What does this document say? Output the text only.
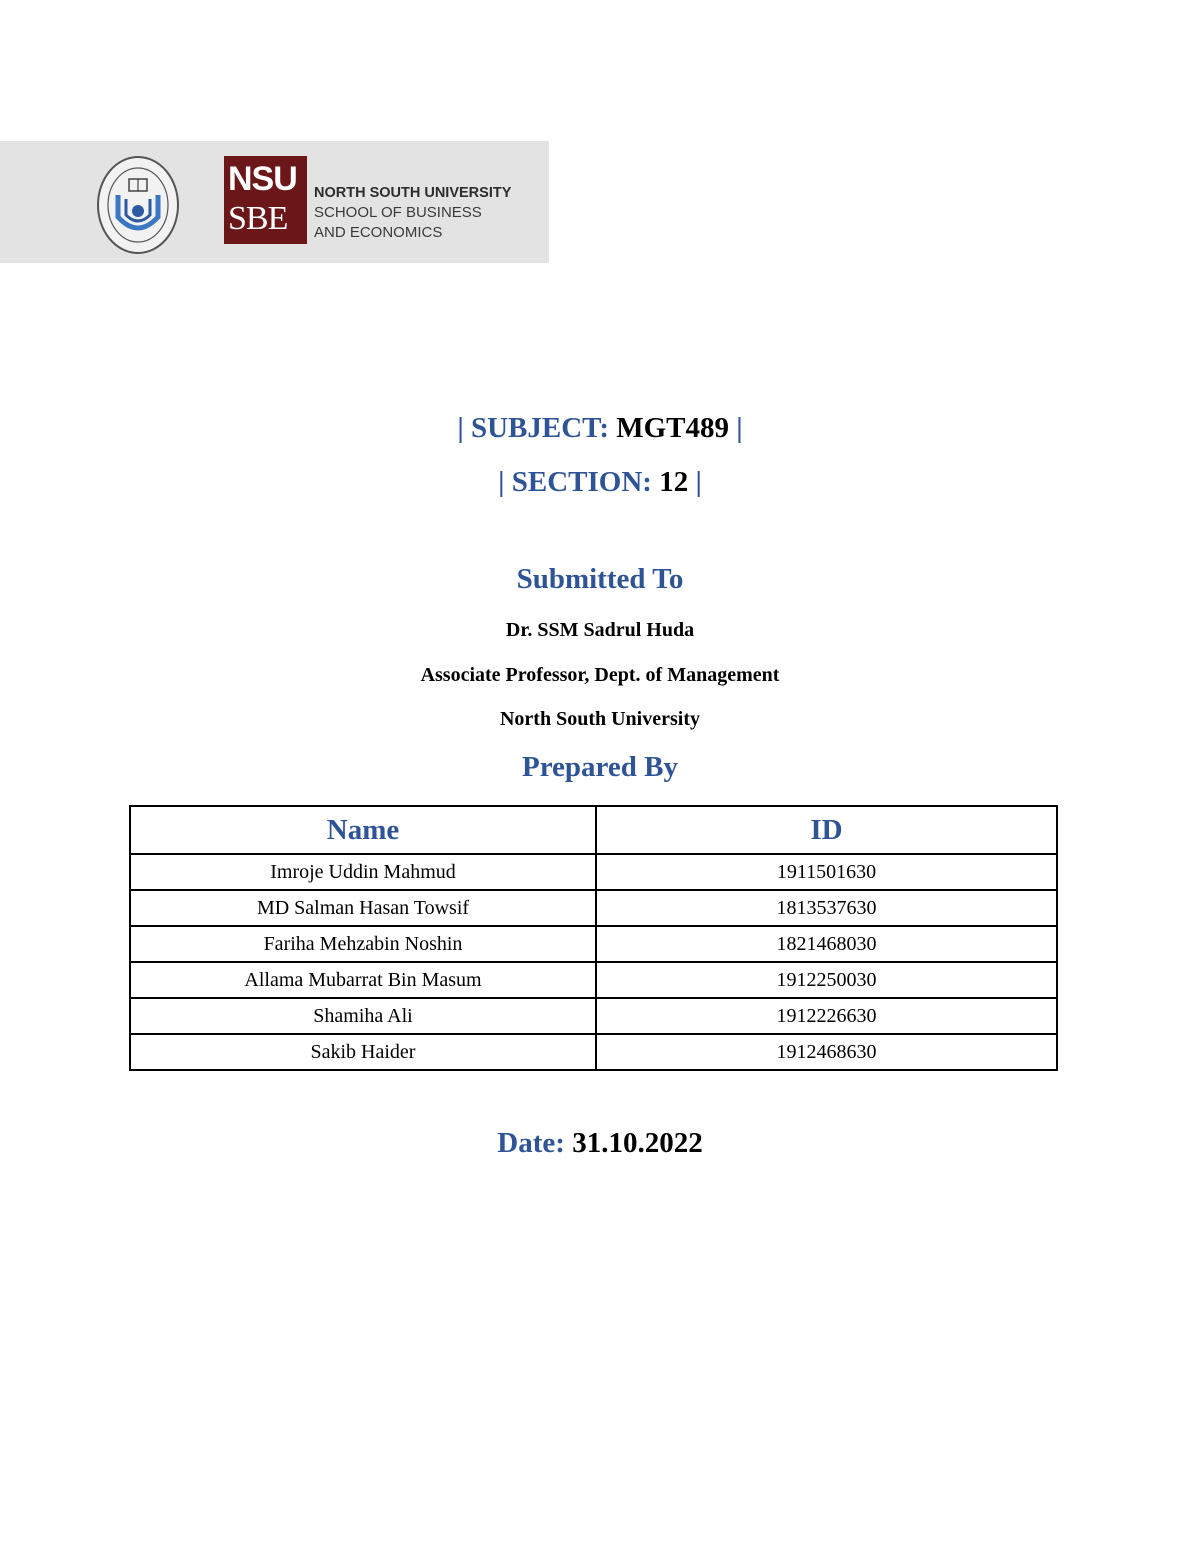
NSU
SBE
NORTH SOUTH UNIVERSITY
SCHOOL OF BUSINESS
AND ECONOMICS
| SUBJECT: MGT489 |
| SECTION: 12 |
Submitted To
Dr. SSM Sadrul Huda
Associate Professor, Dept. of Management
North South University
Prepared By
Name	ID
Imroje Uddin Mahmud	1911501630
MD Salman Hasan Towsif	1813537630
Fariha Mehzabin Noshin	1821468030
Allama Mubarrat Bin Masum	1912250030
Shamiha Ali	1912226630
Sakib Haider	1912468630
Date: 31.10.2022
